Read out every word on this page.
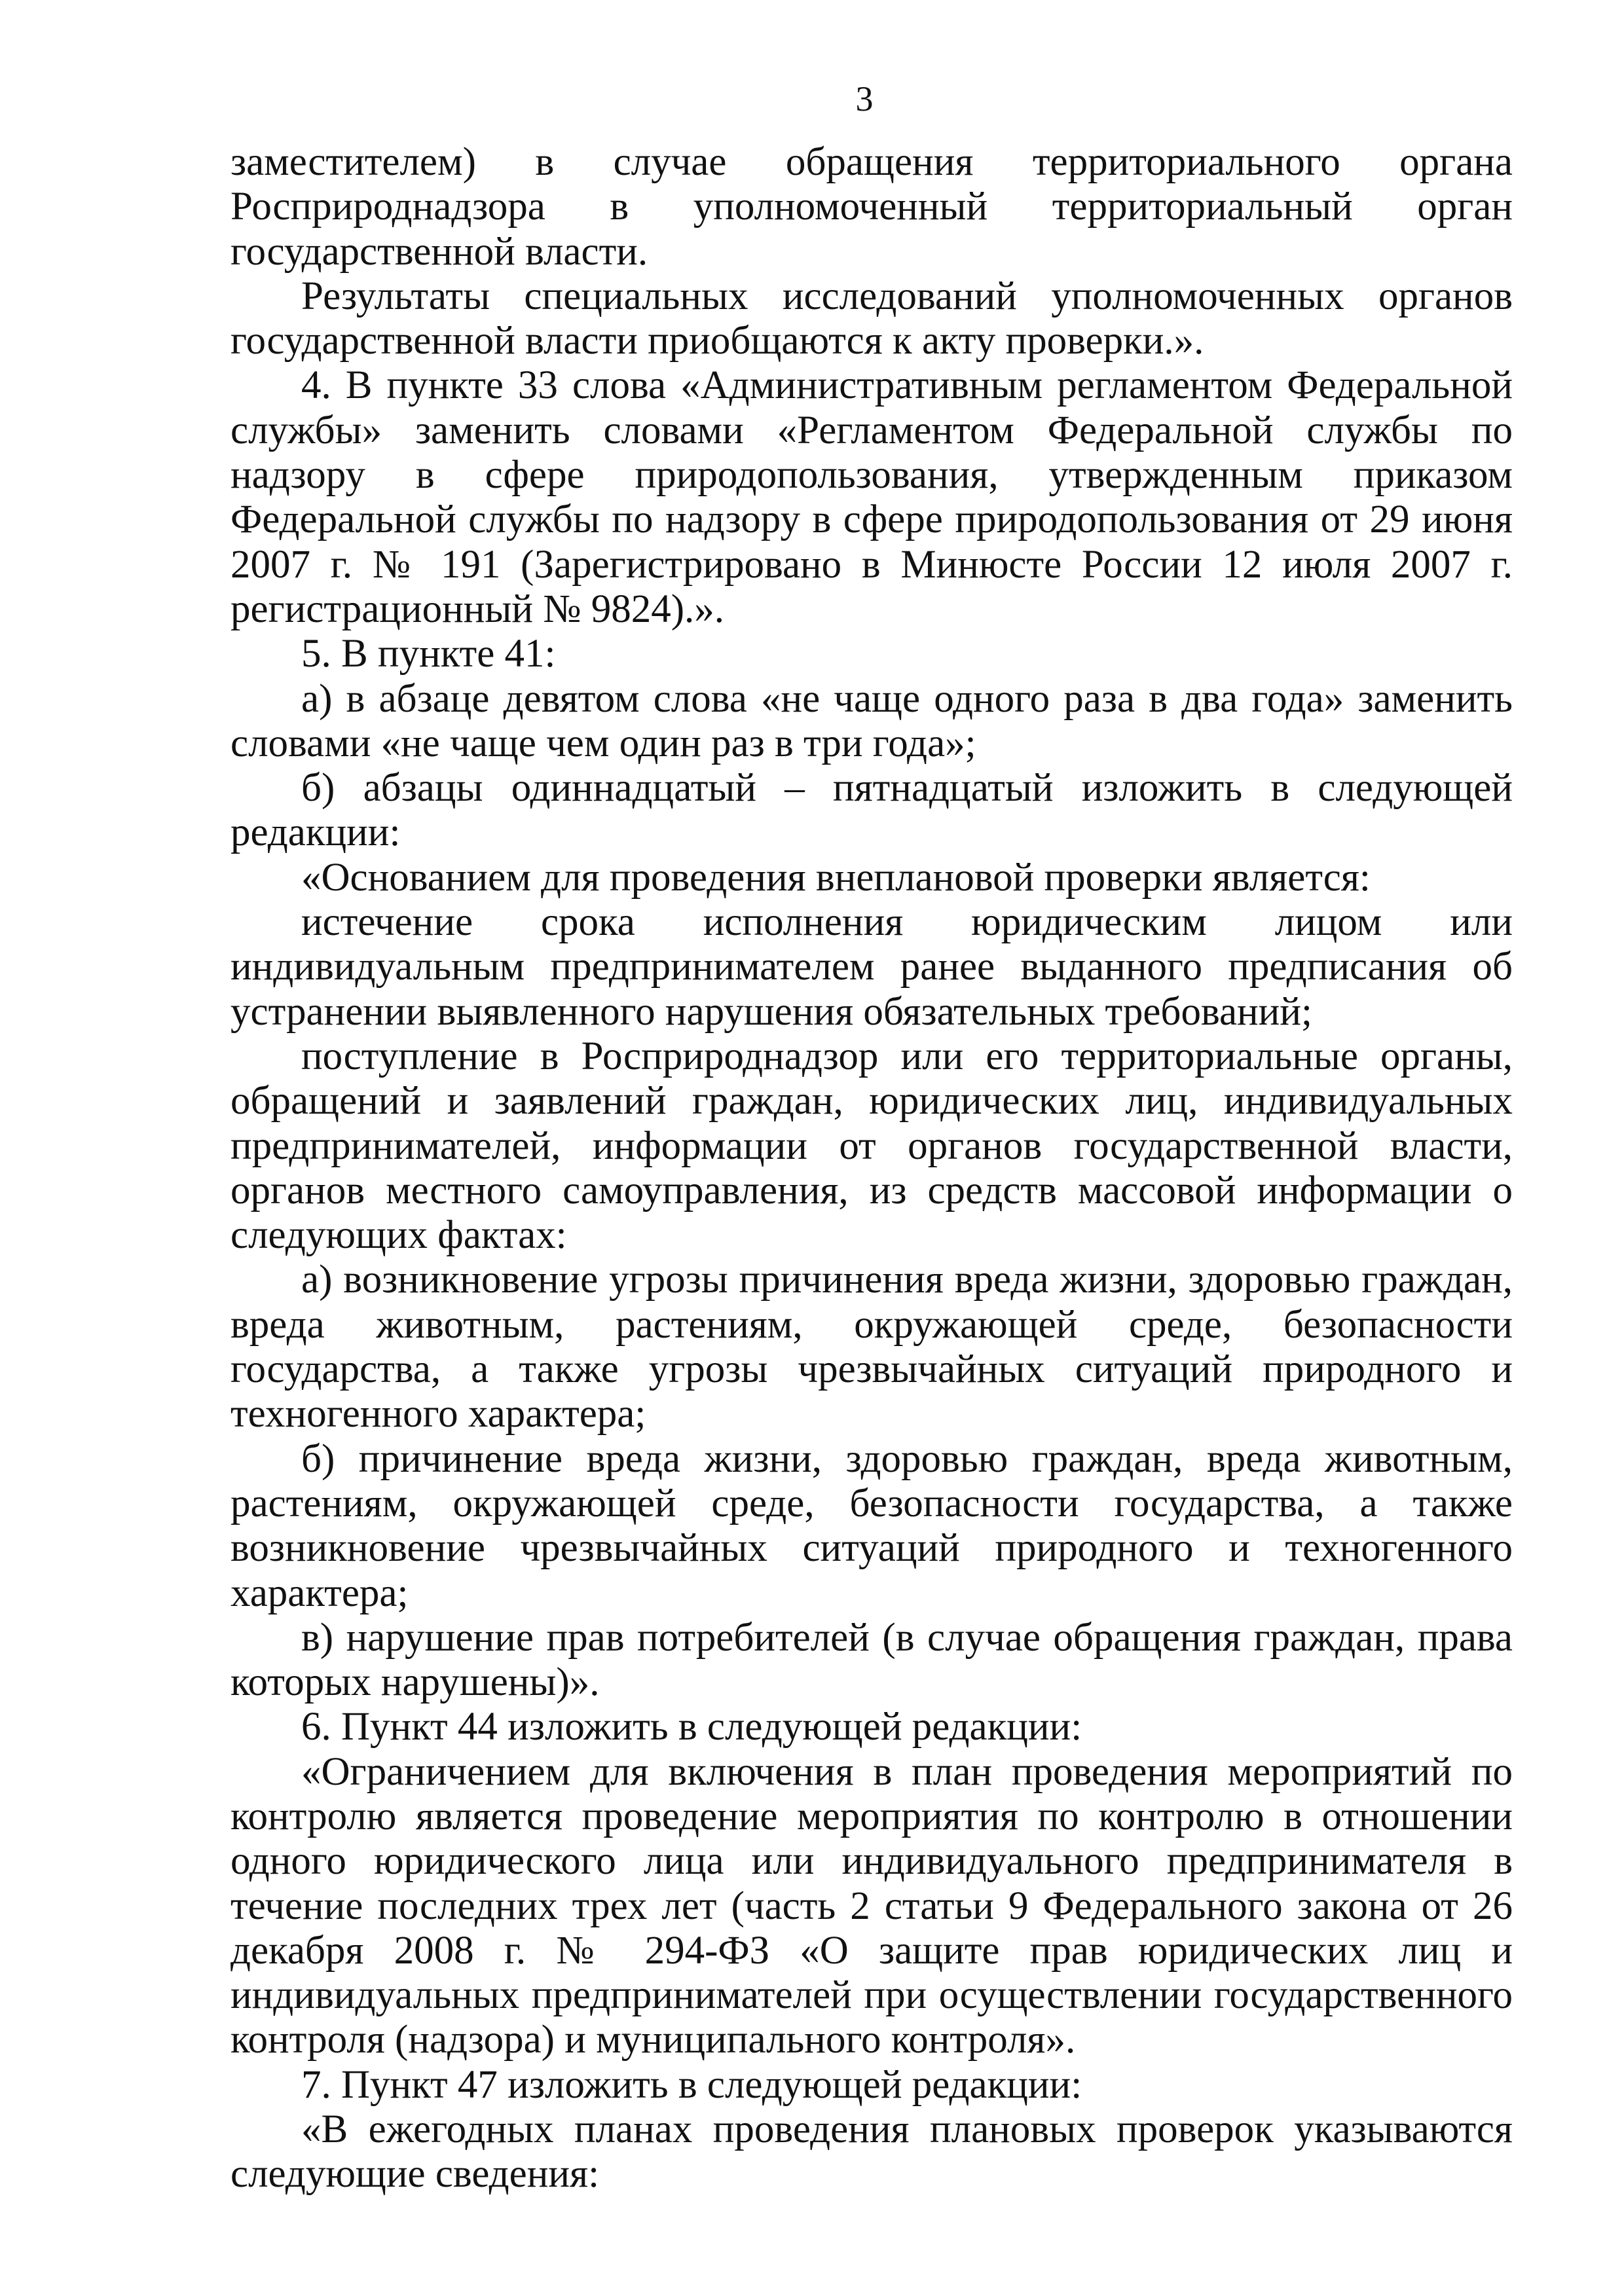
3

заместителем) в случае обращения территориального органа Росприроднадзора в уполномоченный территориальный орган государственной власти.

Результаты специальных исследований уполномоченных органов государственной власти приобщаются к акту проверки.».

4. В пункте 33 слова «Административным регламентом Федеральной службы» заменить словами «Регламентом Федеральной службы по надзору в сфере природопользования, утвержденным приказом Федеральной службы по надзору в сфере природопользования от 29 июня 2007 г. № 191 (Зарегистрировано в Минюсте России 12 июля 2007 г. регистрационный № 9824).».

5. В пункте 41:

а) в абзаце девятом слова «не чаще одного раза в два года» заменить словами «не чаще чем один раз в три года»;

б) абзацы одиннадцатый – пятнадцатый изложить в следующей редакции:

«Основанием для проведения внеплановой проверки является:

истечение срока исполнения юридическим лицом или индивидуальным предпринимателем ранее выданного предписания об устранении выявленного нарушения обязательных требований;

поступление в Росприроднадзор или его территориальные органы, обращений и заявлений граждан, юридических лиц, индивидуальных предпринимателей, информации от органов государственной власти, органов местного самоуправления, из средств массовой информации о следующих фактах:

а) возникновение угрозы причинения вреда жизни, здоровью граждан, вреда животным, растениям, окружающей среде, безопасности государства, а также угрозы чрезвычайных ситуаций природного и техногенного характера;

б) причинение вреда жизни, здоровью граждан, вреда животным, растениям, окружающей среде, безопасности государства, а также возникновение чрезвычайных ситуаций природного и техногенного характера;

в) нарушение прав потребителей (в случае обращения граждан, права которых нарушены)».

6. Пункт 44 изложить в следующей редакции:

«Ограничением для включения в план проведения мероприятий по контролю является проведение мероприятия по контролю в отношении одного юридического лица или индивидуального предпринимателя в течение последних трех лет (часть 2 статьи 9 Федерального закона от 26 декабря 2008 г. № 294-ФЗ «О защите прав юридических лиц и индивидуальных предпринимателей при осуществлении государственного контроля (надзора) и муниципального контроля».

7. Пункт 47 изложить в следующей редакции:

«В ежегодных планах проведения плановых проверок указываются следующие сведения:
